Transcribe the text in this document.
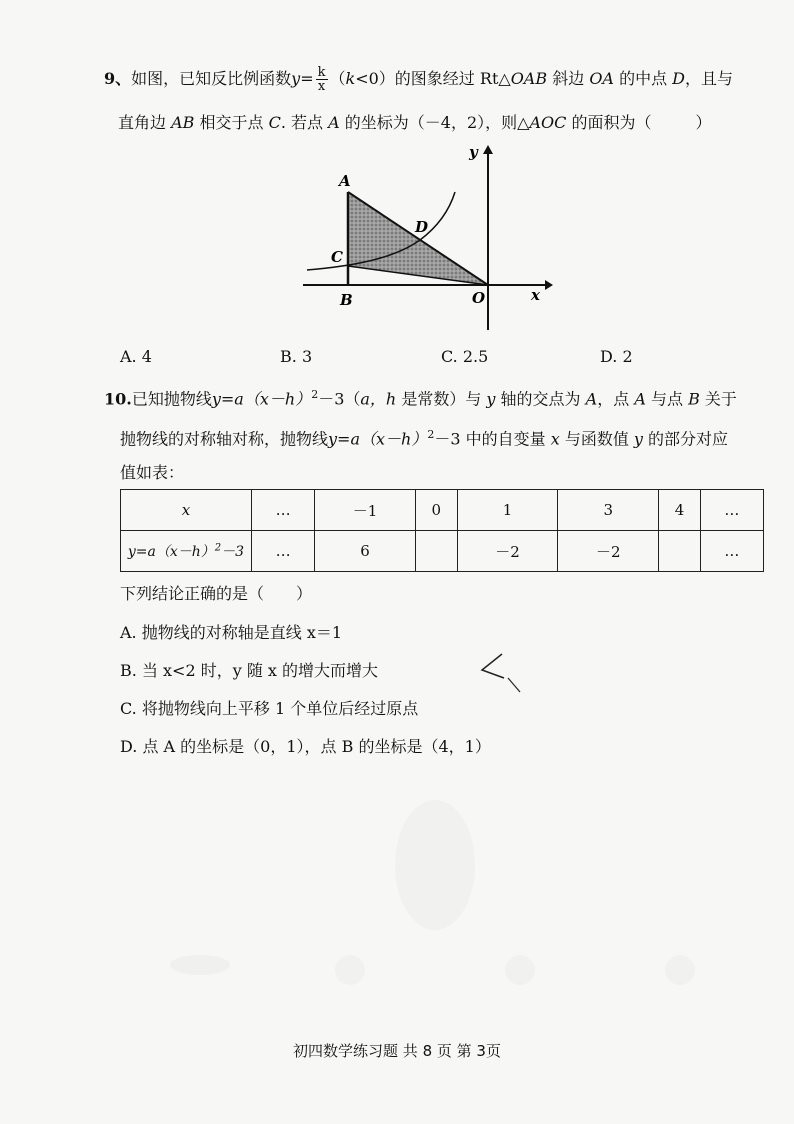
9、如图，已知反比例函数$y= \frac{k}{x} (k<0)$的图象经过 Rt△OAB 斜边 OA 的中点 D，且与
直角边 AB 相交于点 C. 若点 A 的坐标为（－4，2），则△AOC 的面积为（	）
A
B
C
D
O	x
y
A. 4	B. 3	C. 2.5	D. 2
10.已知抛物线$y=a(x-h)^2-3(a$，h 是常数）与 y 轴的交点为 A，点 A 与点 B 关于
抛物线的对称轴对称，抛物线$y=a(x-h)^2-3$ 中的自变量 x 与函数值 y 的部分对应
值如表：
x	…	－1	0	1	3	4	…
$y=a(x-h)^2-3$	…	6		－2	－2		…
下列结论正确的是（　　）
A. 抛物线的对称轴是直线 x＝1
B. 当 x<2 时，y 随 x 的增大而增大
C. 将抛物线向上平移 1 个单位后经过原点
D. 点 A 的坐标是（0，1），点 B 的坐标是（4，1）
初四数学练习题 共 8 页 第 3页
